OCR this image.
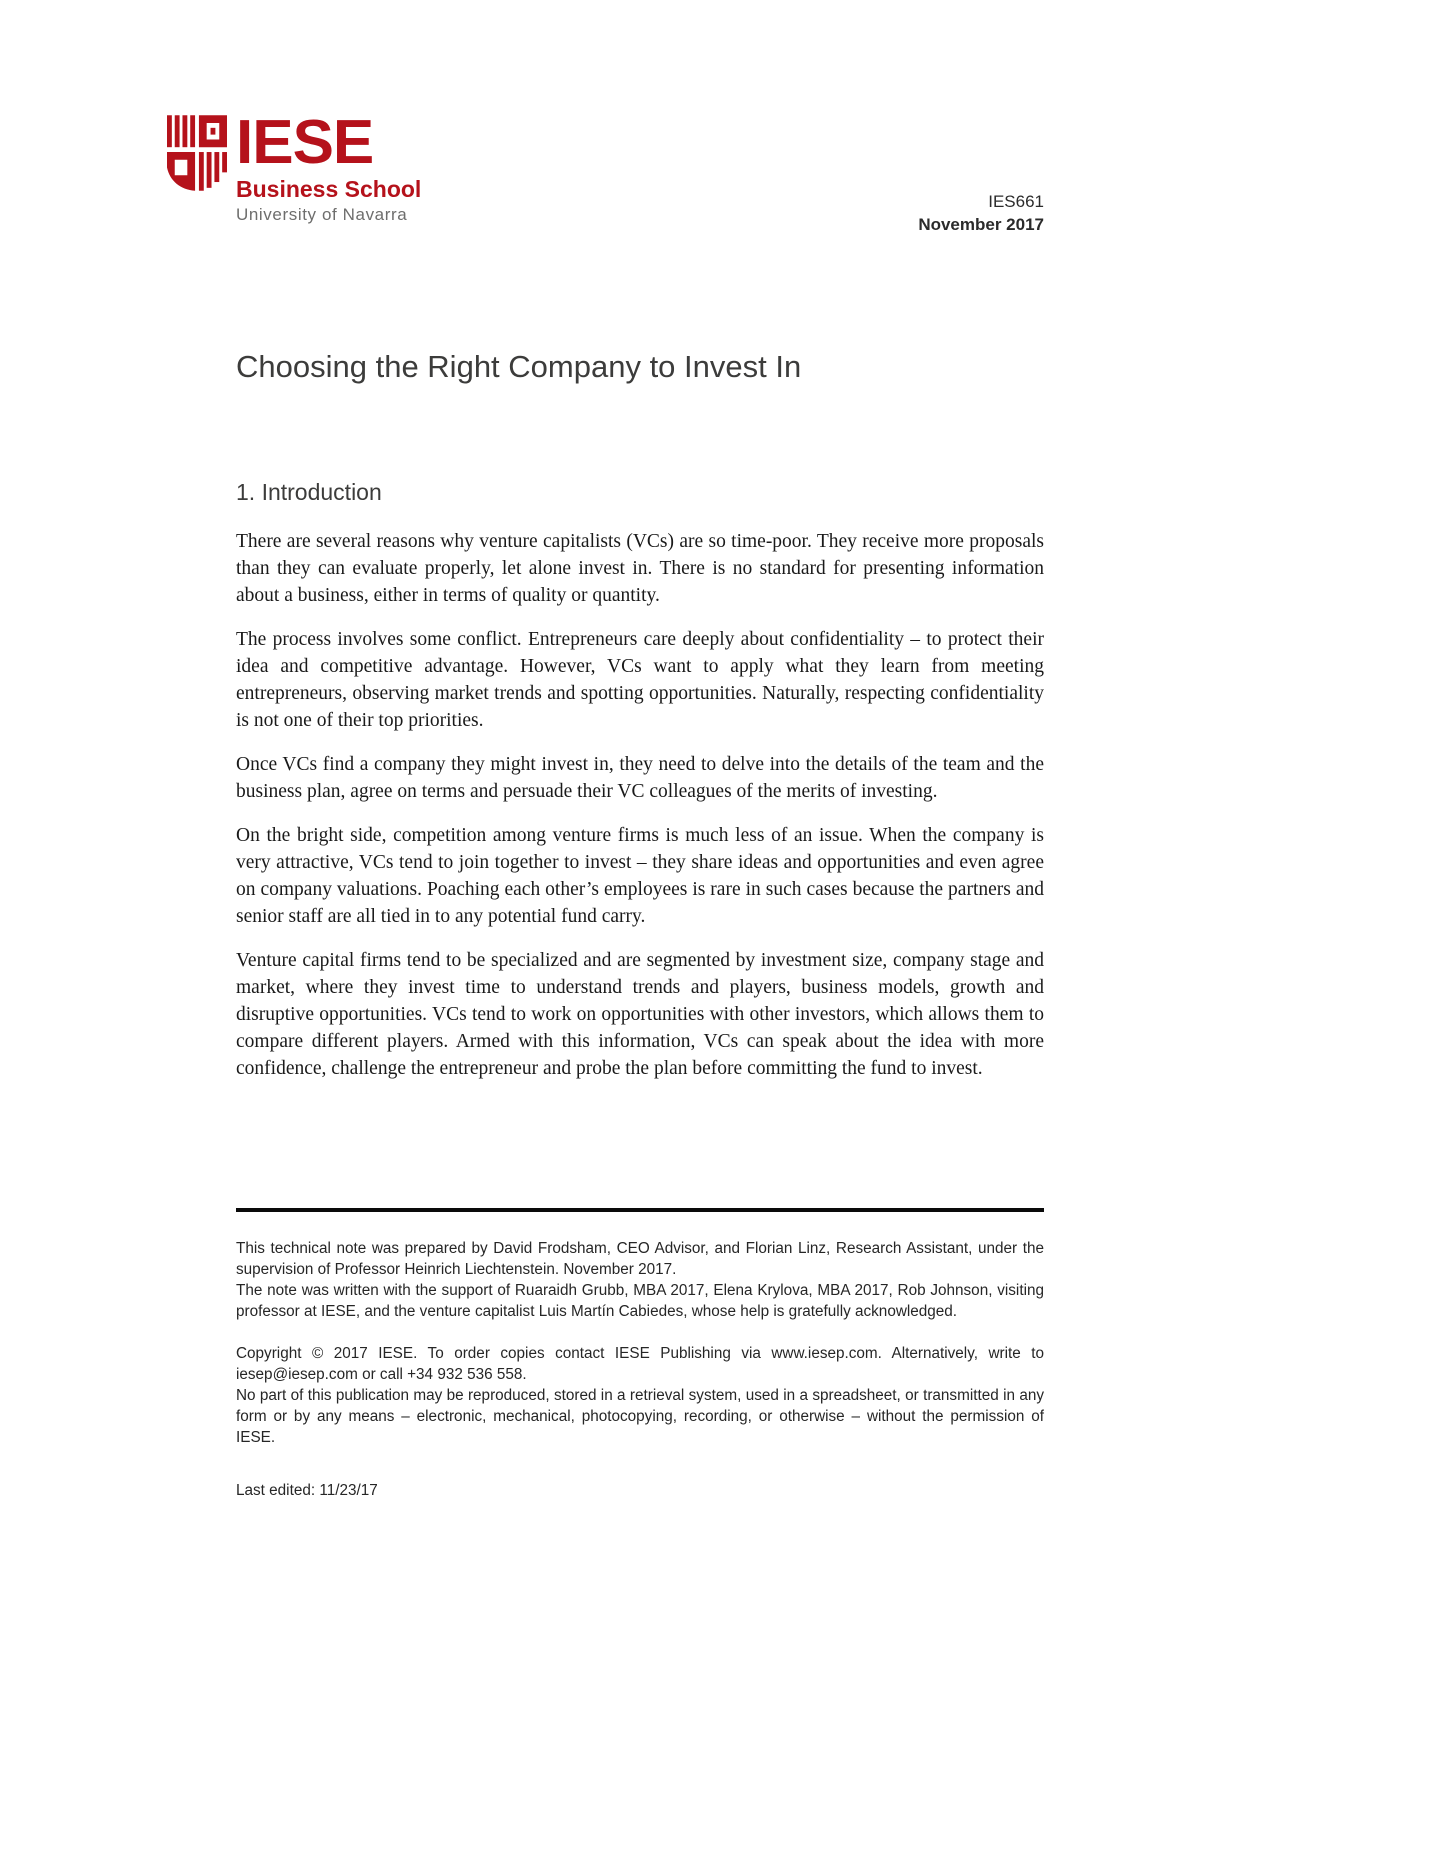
IESE
Business School
University of Navarra
IES661
November 2017
Choosing the Right Company to Invest In
1. Introduction

There are several reasons why venture capitalists (VCs) are so time-poor. They receive more proposals than they can evaluate properly, let alone invest in. There is no standard for presenting information about a business, either in terms of quality or quantity.

The process involves some conflict. Entrepreneurs care deeply about confidentiality – to protect their idea and competitive advantage. However, VCs want to apply what they learn from meeting entrepreneurs, observing market trends and spotting opportunities. Naturally, respecting confidentiality is not one of their top priorities.

Once VCs find a company they might invest in, they need to delve into the details of the team and the business plan, agree on terms and persuade their VC colleagues of the merits of investing.

On the bright side, competition among venture firms is much less of an issue. When the company is very attractive, VCs tend to join together to invest – they share ideas and opportunities and even agree on company valuations. Poaching each other’s employees is rare in such cases because the partners and senior staff are all tied in to any potential fund carry.

Venture capital firms tend to be specialized and are segmented by investment size, company stage and market, where they invest time to understand trends and players, business models, growth and disruptive opportunities. VCs tend to work on opportunities with other investors, which allows them to compare different players. Armed with this information, VCs can speak about the idea with more confidence, challenge the entrepreneur and probe the plan before committing the fund to invest.

This technical note was prepared by David Frodsham, CEO Advisor, and Florian Linz, Research Assistant, under the supervision of Professor Heinrich Liechtenstein. November 2017.

The note was written with the support of Ruaraidh Grubb, MBA 2017, Elena Krylova, MBA 2017, Rob Johnson, visiting professor at IESE, and the venture capitalist Luis Martín Cabiedes, whose help is gratefully acknowledged.

Copyright © 2017 IESE. To order copies contact IESE Publishing via www.iesep.com. Alternatively, write to iesep@iesep.com or call +34 932 536 558.

No part of this publication may be reproduced, stored in a retrieval system, used in a spreadsheet, or transmitted in any form or by any means – electronic, mechanical, photocopying, recording, or otherwise – without the permission of IESE.

Last edited: 11/23/17
